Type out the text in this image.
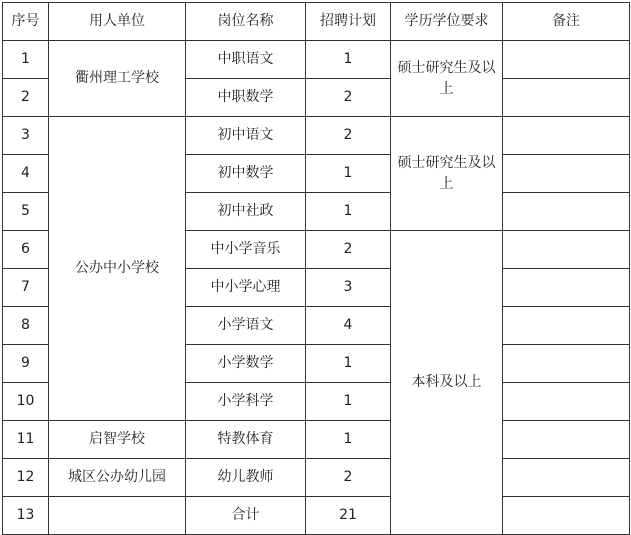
序号	用人单位	岗位名称	招聘计划	学历学位要求	备注	
1	衢州理工学校	中职语文	1	硕士研究生及以上		
2		中职数学	2			
3	公办中小学校	初中语文	2	硕士研究生及以上		
4		初中数学	1			
5		初中社政	1			
6		中小学音乐	2	本科及以上		
7		中小学心理	3			
8		小学语文	4			
9		小学数学	1			
10		小学科学	1			
11	启智学校	特教体育	1			
12	城区公办幼儿园	幼儿教师	2			
13		合计	21			
